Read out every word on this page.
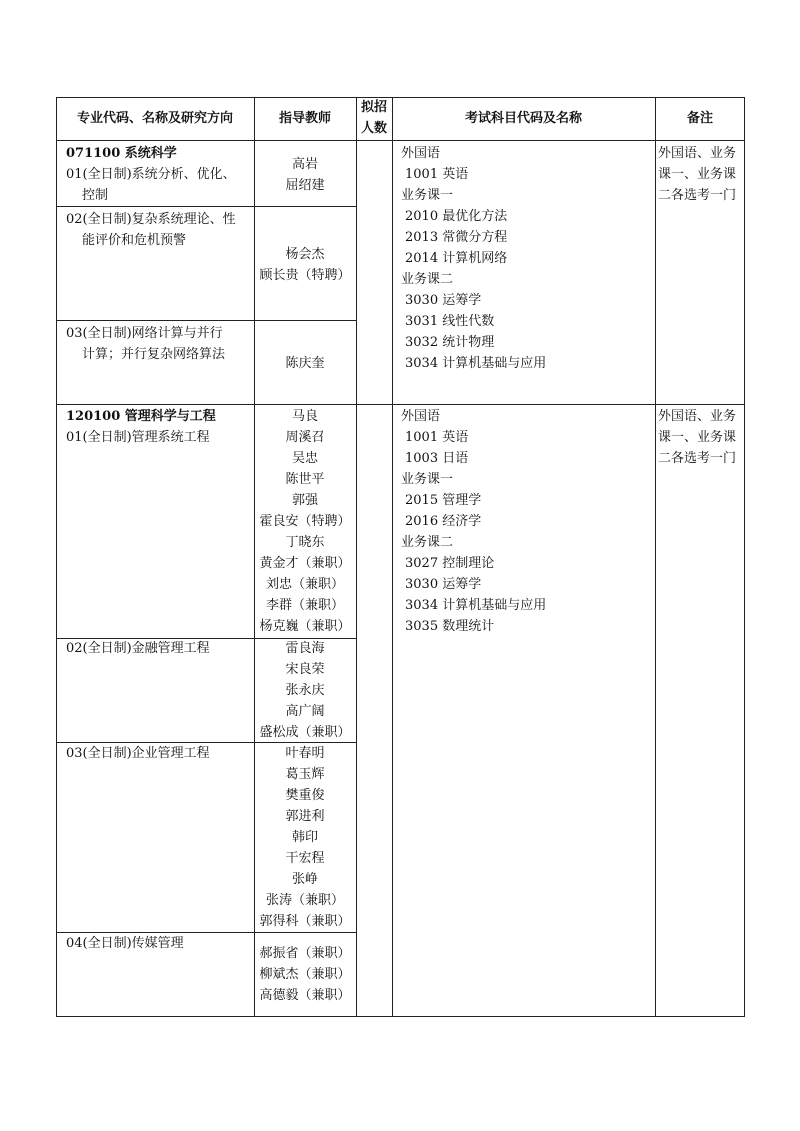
专业代码、名称及研究方向	指导教师
拟招
人数
考试科目代码及名称	备注
071100 系统科学
01(全日制)系统分析、优化、
控制
02(全日制)复杂系统理论、性
能评价和危机预警
03(全日制)网络计算与并行
计算；并行复杂网络算法
高岩
屈绍建
杨会杰
顾长贵（特聘）
陈庆奎
外国语
1001 英语
业务课一
2010 最优化方法
2013 常微分方程
2014 计算机网络
业务课二
3030 运筹学
3031 线性代数
3032 统计物理
3034 计算机基础与应用
外国语、业务
课一、业务课
二各选考一门
120100 管理科学与工程
01(全日制)管理系统工程
02(全日制)金融管理工程
03(全日制)企业管理工程
04(全日制)传媒管理
马良
周溪召
吴忠
陈世平
郭强
霍良安（特聘）
丁晓东
黄金才（兼职）
刘忠（兼职）
李群（兼职）
杨克巍（兼职）
雷良海
宋良荣
张永庆
高广阔
盛松成（兼职）
叶春明
葛玉辉
樊重俊
郭进利
韩印
干宏程
张峥
张涛（兼职）
郭得科（兼职）
郝振省（兼职）
柳斌杰（兼职）
高德毅（兼职）
外国语
1001 英语
1003 日语
业务课一
2015 管理学
2016 经济学
业务课二
3027 控制理论
3030 运筹学
3034 计算机基础与应用
3035 数理统计
外国语、业务
课一、业务课
二各选考一门
